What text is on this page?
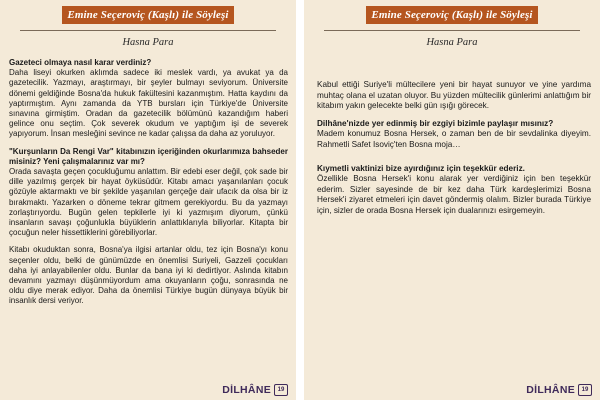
Emine Seçeroviç (Kaşlı) ile Söyleşi
Hasna Para

Gazeteci olmaya nasıl karar verdiniz?

Daha liseyi okurken aklımda sadece iki meslek vardı, ya avukat ya da gazetecilik. Yazmayı, araştırmayı, bir şeyler bulmayı seviyorum. Üniversite dönemi geldiğinde Bosna'da hukuk fakültesini kazanmıştım. Hatta kaydını da yaptırmıştım. Aynı zamanda da YTB bursları için Türkiye'de Üniversite sınavına girmiştim. Oradan da gazetecilik bölümünü kazandığım haberi gelince onu seçtim. Çok severek okudum ve yaptığım işi de severek yapıyorum. İnsan mesleğini sevince ne kadar çalışsa da daha az yoruluyor.

"Kurşunların Da Rengi Var" kitabınızın içeriğinden okurlarımıza bahseder misiniz? Yeni çalışmalarınız var mı?

Orada savaşta geçen çocukluğumu anlattım. Bir edebi eser değil, çok sade bir dille yazılmış gerçek bir hayat öyküsüdür. Kitabı amacı yaşanılanları çocuk gözüyle aktarmaktı ve bir şekilde yaşanılan gerçeğe dair ufacık da olsa bir iz bırakmaktı. Yazarken o döneme tekrar gitmem gerekiyordu. Bu da yazmayı zorlaştırıyordu. Bugün gelen tepkilerle iyi ki yazmışım diyorum, çünkü insanların savaşı çoğunlukla büyüklerin anlattıklarıyla biliyorlar. Kitapta bir çocuğun neler hissettiklerini görebiliyorlar.

Kitabı okuduktan sonra, Bosna'ya ilgisi artanlar oldu, tez için Bosna'yı konu seçenler oldu, belki de günümüzde en önemlisi Suriyeli, Gazzeli çocukları daha iyi anlayabilenler oldu. Bunlar da bana iyi ki dedirtiyor. Aslında kitabın devamını yazmayı düşünmüyordum ama okuyanların çoğu, sonrasında ne oldu diye merak ediyor. Daha da önemlisi Türkiye bugün dünyaya büyük bir insanlık dersi veriyor.

DİLHÂNE	19
Emine Seçeroviç (Kaşlı) ile Söyleşi
Hasna Para

Kabul ettiği Suriye'li mültecilere yeni bir hayat sunuyor ve yine yardıma muhtaç olana el uzatan oluyor. Bu yüzden mültecilik günlerimi anlattığım bir kitabım yakın gelecekte belki gün ışığı görecek.

Dilhâne'nizde yer edinmiş bir ezgiyi bizimle paylaşır mısınız?

Madem konumuz Bosna Hersek, o zaman ben de bir sevdalinka diyeyim. Rahmetli Safet Isoviç'ten Bosna moja…

Kıymetli vaktinizi bize ayırdığınız için teşekkür ederiz.

Özellikle Bosna Hersek'i konu alarak yer verdiğiniz için ben teşekkür ederim. Sizler sayesinde de bir kez daha Türk kardeşlerimizi Bosna Hersek'i ziyaret etmeleri için davet göndermiş olalım. Bizler burada Türkiye için, sizler de orada Bosna Hersek için dualarınızı esirgemeyin.

DİLHÂNE	19
